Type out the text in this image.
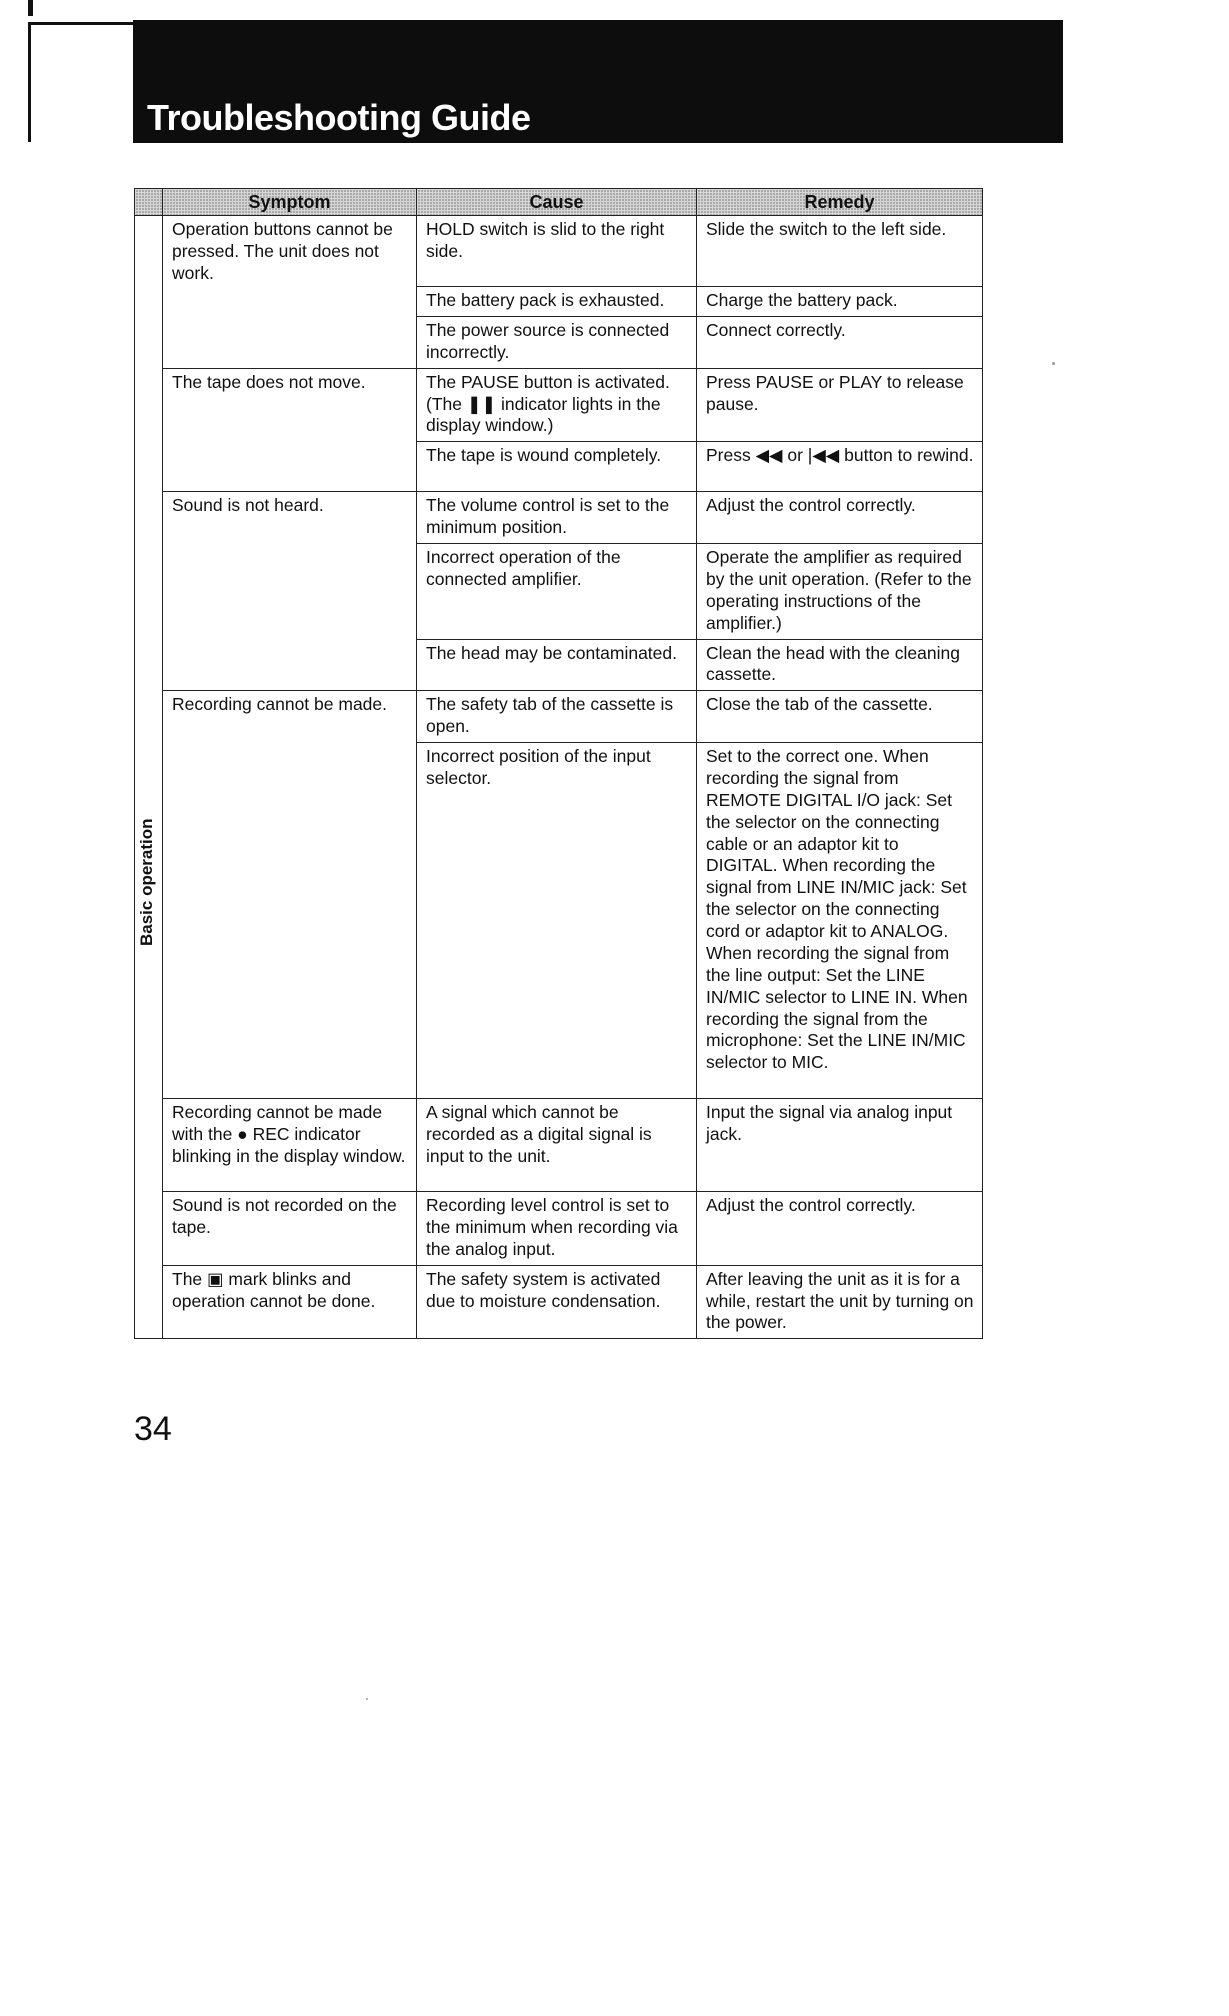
Troubleshooting Guide
	Symptom	Cause	Remedy

Basic operation	Operation buttons cannot be pressed. The unit does not work.	HOLD switch is slid to the right side.	Slide the switch to the left side.
		The battery pack is exhausted.	Charge the battery pack.
		The power source is connected incorrectly.	Connect correctly.
	The tape does not move.	The PAUSE button is activated. (The ❚❚ indicator lights in the display window.)	Press PAUSE or PLAY to release pause.
		The tape is wound completely.	Press ◀◀ or |◀◀ button to rewind.
	Sound is not heard.	The volume control is set to the minimum position.	Adjust the control correctly.
		Incorrect operation of the connected amplifier.	Operate the amplifier as required by the unit operation. (Refer to the operating instructions of the amplifier.)
		The head may be contaminated.	Clean the head with the cleaning cassette.
	Recording cannot be made.	The safety tab of the cassette is open.	Close the tab of the cassette.
		Incorrect position of the input selector.	Set to the correct one. When recording the signal from REMOTE DIGITAL I/O jack: Set the selector on the connecting cable or an adaptor kit to DIGITAL. When recording the signal from LINE IN/MIC jack: Set the selector on the connecting cord or adaptor kit to ANALOG. When recording the signal from the line output: Set the LINE IN/MIC selector to LINE IN. When recording the signal from the microphone: Set the LINE IN/MIC selector to MIC.
	Recording cannot be made with the ● REC indicator blinking in the display window.	A signal which cannot be recorded as a digital signal is input to the unit.	Input the signal via analog input jack.
	Sound is not recorded on the tape.	Recording level control is set to the minimum when recording via the analog input.	Adjust the control correctly.
	The ▣ mark blinks and operation cannot be done.	The safety system is activated due to moisture condensation.	After leaving the unit as it is for a while, restart the unit by turning on the power.
34
